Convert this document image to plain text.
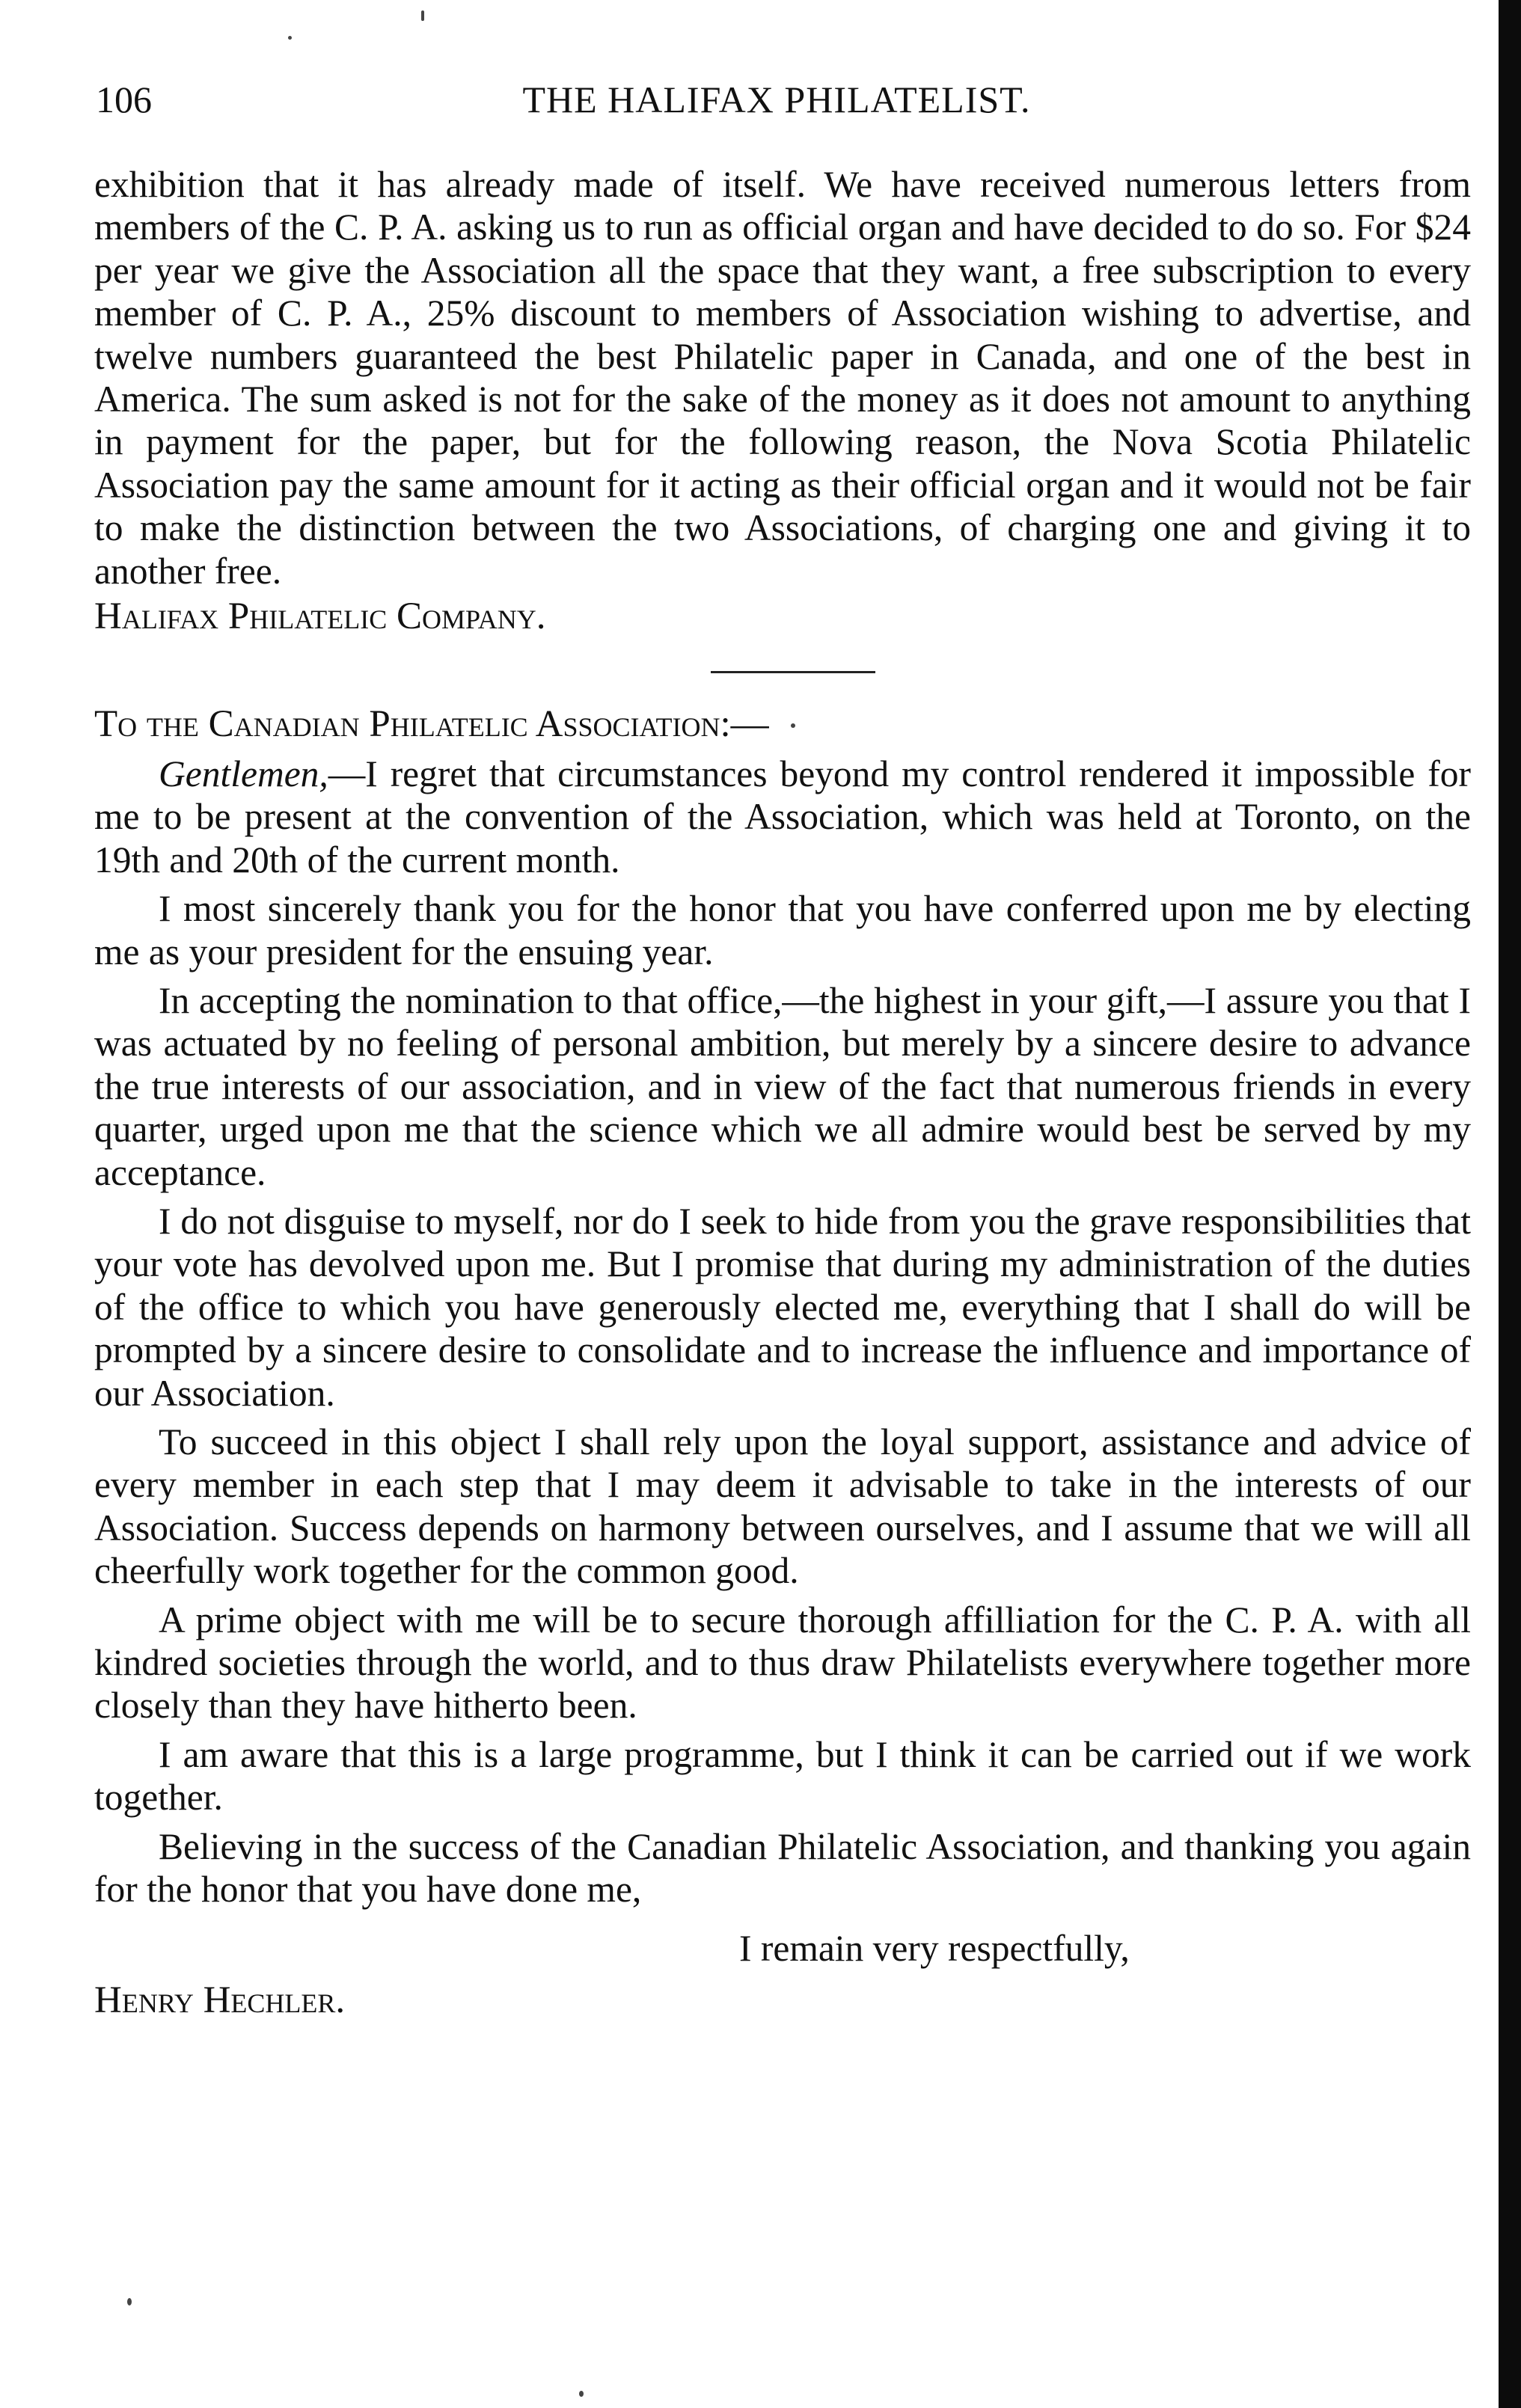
106	THE HALIFAX PHILATELIST.

exhibition that it has already made of itself. We have received numerous letters from members of the C. P. A. asking us to run as official organ and have decided to do so. For $24 per year we give the Association all the space that they want, a free subscription to every member of C. P. A., 25% discount to members of Association wishing to advertise, and twelve numbers guaranteed the best Philatelic paper in Canada, and one of the best in America. The sum asked is not for the sake of the money as it does not amount to anything in payment for the paper, but for the following reason, the Nova Scotia Philatelic Association pay the same amount for it acting as their official organ and it would not be fair to make the distinction between the two Associations, of charging one and giving it to another free.

Halifax Philatelic Company.

To the Canadian Philatelic Association:—

Gentlemen,—I regret that circumstances beyond my control rendered it impossible for me to be present at the convention of the Association, which was held at Toronto, on the 19th and 20th of the current month.

I most sincerely thank you for the honor that you have conferred upon me by electing me as your president for the ensuing year.

In accepting the nomination to that office,—the highest in your gift,—I assure you that I was actuated by no feeling of personal ambition, but merely by a sincere desire to advance the true interests of our association, and in view of the fact that numerous friends in every quarter, urged upon me that the science which we all admire would best be served by my acceptance.

I do not disguise to myself, nor do I seek to hide from you the grave responsibilities that your vote has devolved upon me. But I promise that during my administration of the duties of the office to which you have generously elected me, everything that I shall do will be prompted by a sincere desire to consolidate and to increase the influence and importance of our Association.

To succeed in this object I shall rely upon the loyal support, assistance and advice of every member in each step that I may deem it advisable to take in the interests of our Association. Success depends on harmony between ourselves, and I assume that we will all cheerfully work together for the common good.

A prime object with me will be to secure thorough affilliation for the C. P. A. with all kindred societies through the world, and to thus draw Philatelists everywhere together more closely than they have hitherto been.

I am aware that this is a large programme, but I think it can be carried out if we work together.

Believing in the success of the Canadian Philatelic Association, and thanking you again for the honor that you have done me,

I remain very respectfully,

Henry Hechler.
